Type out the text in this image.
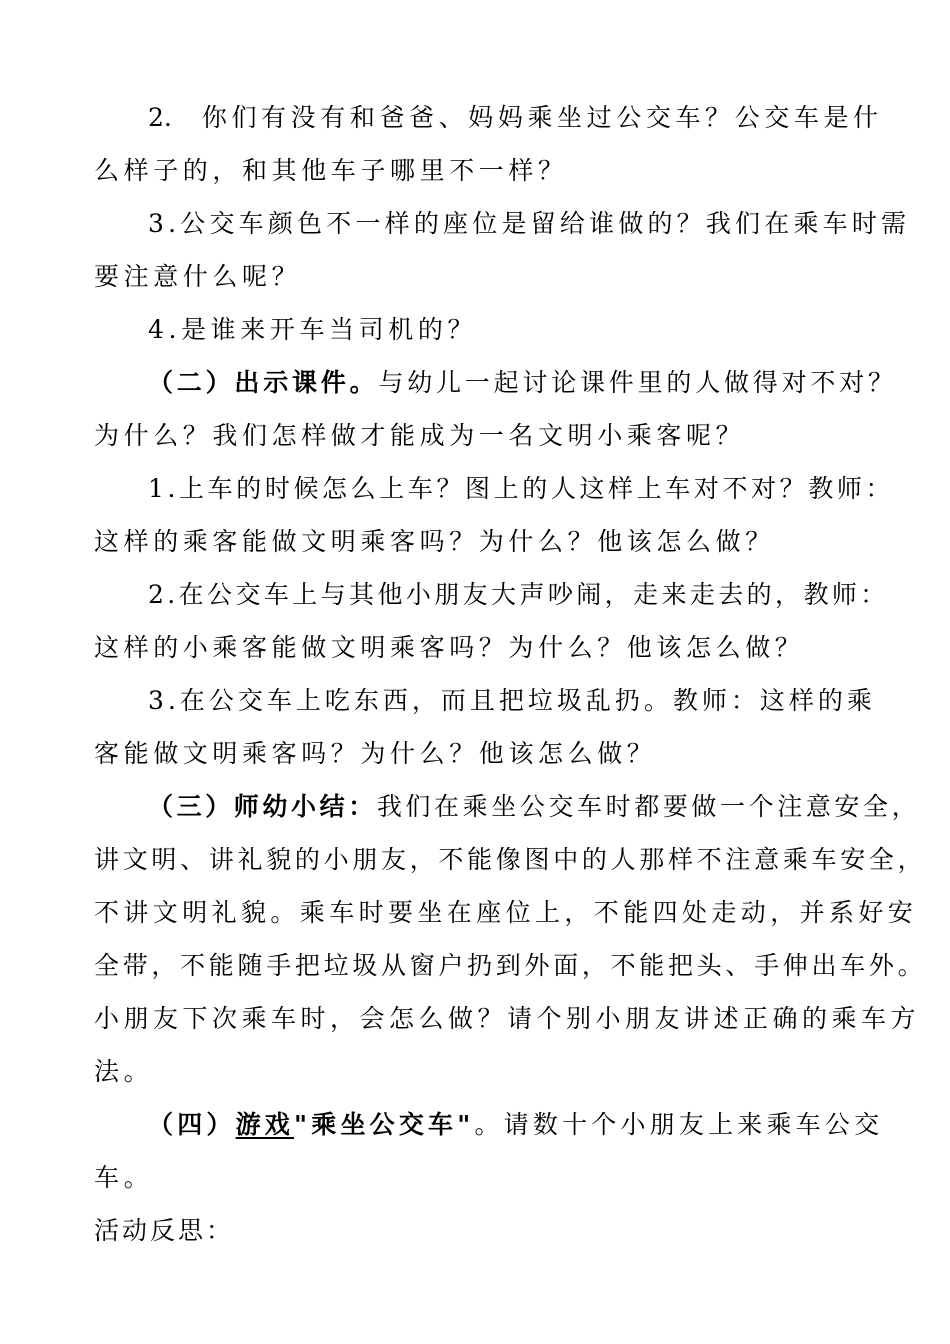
2. 你们有没有和爸爸、妈妈乘坐过公交车？公交车是什
么样子的，和其他车子哪里不一样？
3.公交车颜色不一样的座位是留给谁做的？我们在乘车时需
要注意什么呢？
4.是谁来开车当司机的？
（二）出示课件。与幼儿一起讨论课件里的人做得对不对？
为什么？我们怎样做才能成为一名文明小乘客呢？
1.上车的时候怎么上车？图上的人这样上车对不对？教师：
这样的乘客能做文明乘客吗？为什么？他该怎么做？
2.在公交车上与其他小朋友大声吵闹，走来走去的，教师：
这样的小乘客能做文明乘客吗？为什么？他该怎么做？
3.在公交车上吃东西，而且把垃圾乱扔。教师：这样的乘
客能做文明乘客吗？为什么？他该怎么做？
（三）师幼小结：我们在乘坐公交车时都要做一个注意安全，
讲文明、讲礼貌的小朋友，不能像图中的人那样不注意乘车安全，
不讲文明礼貌。乘车时要坐在座位上，不能四处走动，并系好安
全带，不能随手把垃圾从窗户扔到外面，不能把头、手伸出车外。
小朋友下次乘车时，会怎么做？请个别小朋友讲述正确的乘车方
法。
（四）游戏"乘坐公交车"。请数十个小朋友上来乘车公交
车。
活动反思：
